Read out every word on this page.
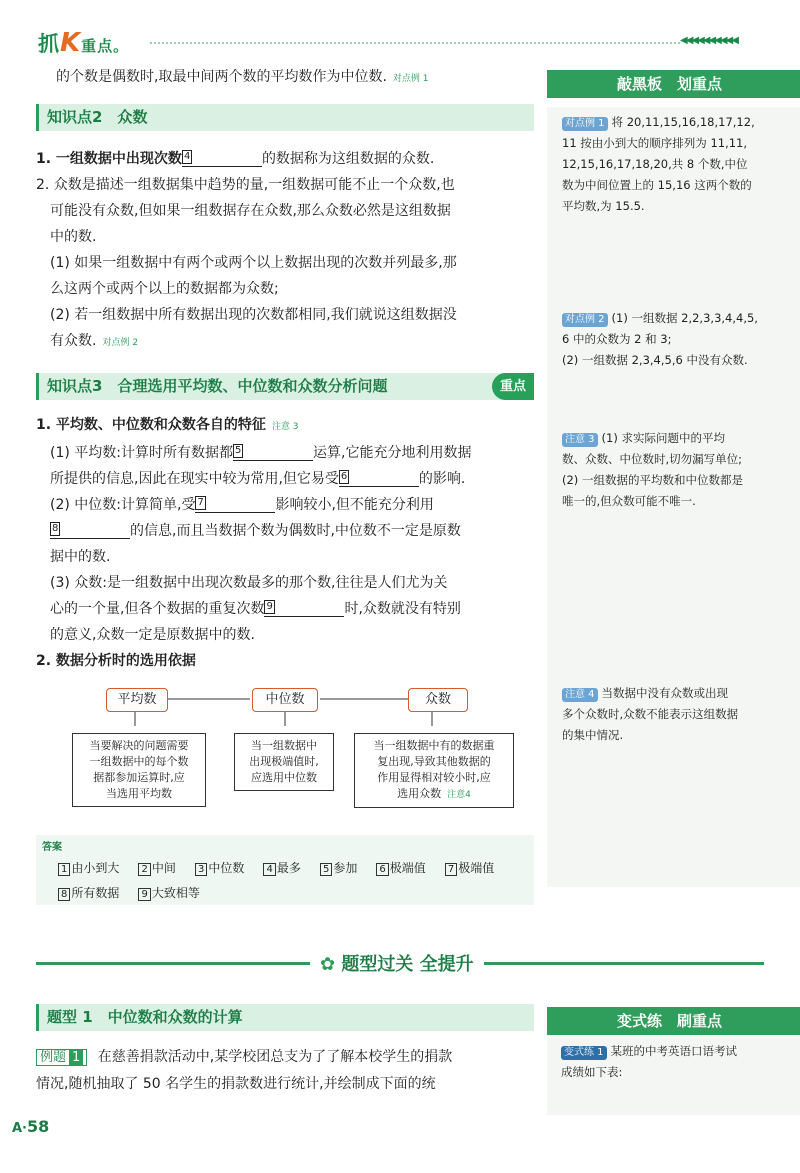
抓K重点。	◀◀◀◀◀◀◀◀◀◀
的个数是偶数时,取最中间两个数的平均数作为中位数. 对点例 1
知识点2　众数
1. 一组数据中出现次数 4	的数据称为这组数据的众数.
2. 众数是描述一组数据集中趋势的量,一组数据可能不止一个众数,也
可能没有众数,但如果一组数据存在众数,那么众数必然是这组数据
中的数.
(1) 如果一组数据中有两个或两个以上数据出现的次数并列最多,那
么这两个或两个以上的数据都为众数;
(2) 若一组数据中所有数据出现的次数都相同,我们就说这组数据没
有众数. 对点例 2
知识点3　合理选用平均数、中位数和众数分析问题	重点
1. 平均数、中位数和众数各自的特征 注意 3
(1) 平均数:计算时所有数据都 5	运算,它能充分地利用数据
所提供的信息,因此在现实中较为常用,但它易受 6	的影响.
(2) 中位数:计算简单,受 7	影响较小,但不能充分利用
8	的信息,而且当数据个数为偶数时,中位数不一定是原数
据中的数.
(3) 众数:是一组数据中出现次数最多的那个数,往往是人们尤为关
心的一个量,但各个数据的重复次数 9	时,众数就没有特别
的意义,众数一定是原数据中的数.
2. 数据分析时的选用依据
平均数	中位数	众数
当要解决的问题需要
一组数据中的每个数
据都参加运算时,应
当选用平均数
当一组数据中
出现极端值时,
应选用中位数
当一组数据中有的数据重
复出现,导致其他数据的
作用显得相对较小时,应
选用众数 注意4
答案
1 由小到大 2 中间 3 中位数 4 最多 5 参加 6 极端值 7 极端值
8 所有数据 9 大致相等
敲黑板　划重点
对点例 1 将 20,11,15,16,18,17,12,
11 按由小到大的顺序排列为 11,11,
12,15,16,17,18,20,共 8 个数,中位
数为中间位置上的 15,16 这两个数的
平均数,为 15.5.
对点例 2 (1) 一组数据 2,2,3,3,4,4,5,
6 中的众数为 2 和 3;
(2) 一组数据 2,3,4,5,6 中没有众数.
注意 3 (1) 求实际问题中的平均
数、众数、中位数时,切勿漏写单位;
(2) 一组数据的平均数和中位数都是
唯一的,但众数可能不唯一.
注意 4 当数据中没有众数或出现
多个众数时,众数不能表示这组数据
的集中情况.
✿ 题型过关 全提升
题型 1　中位数和众数的计算
例题 1 在慈善捐款活动中,某学校团总支为了了解本校学生的捐款
情况,随机抽取了 50 名学生的捐款数进行统计,并绘制成下面的统
变式练　刷重点
变式练 1 某班的中考英语口语考试
成绩如下表:
A·58
